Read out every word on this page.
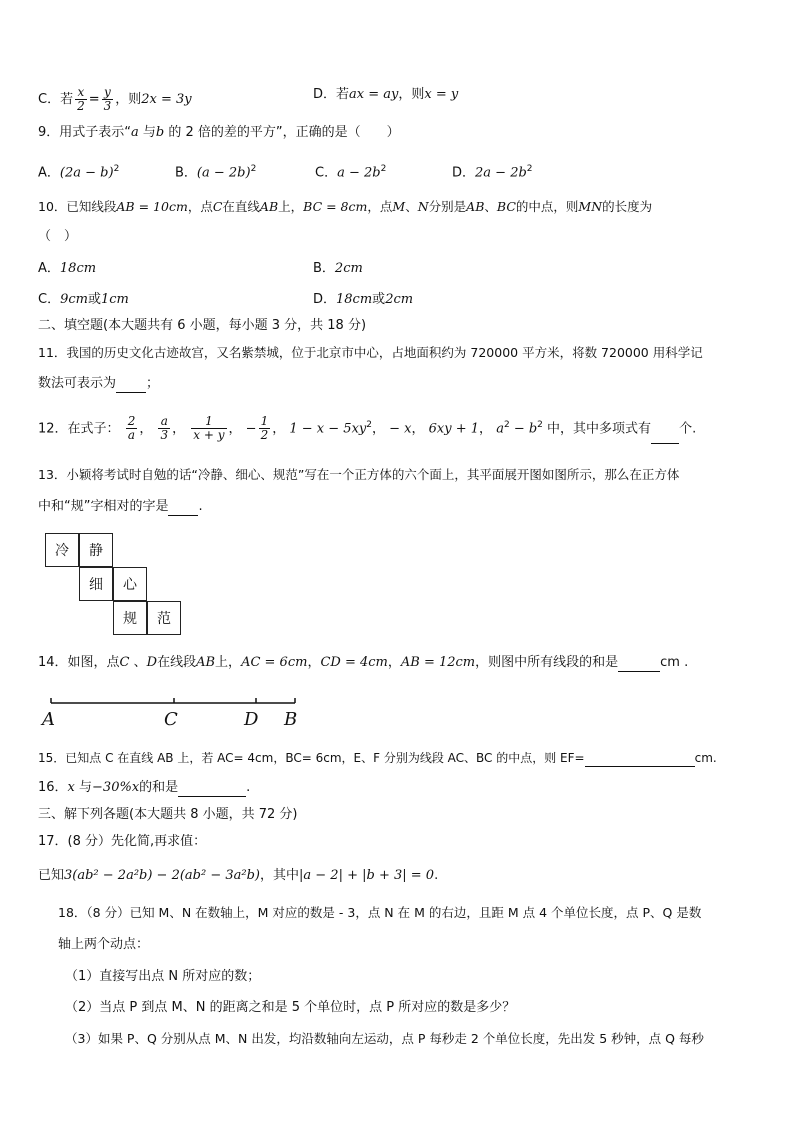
C．若 $\frac{x}{2} = \frac{y}{3}$ ，则2x = 3y	D．若ax = ay，则x = y
9．用式子表示“a 与b 的 2 倍的差的平方”，正确的是（　　）
A．$(2a - b)^2$	B．$(a - 2b)^2$	C．$a - 2b^2$	D．$2a - 2b^2$
10．已知线段AB = 10cm，点C在直线AB上，BC = 8cm，点M、N分别是AB、BC的中点，则MN的长度为
（　）
A．18cm	B．2cm
C．9cm或1cm	D．18cm或2cm
二、填空题(本大题共有 6 小题，每小题 3 分，共 18 分)
11．我国的历史文化古迹故宫，又名紫禁城，位于北京市中心，占地面积约为 720000 平方米，将数 720000 用科学记
数法可表示为 ；
12．在式子： $\frac{2}{a}$ ， $\frac{a}{3}$ ， $\frac{1}{x + y}$ ， − $\frac{1}{2}$ ， $1 - x - 5xy^2$， − x， 6xy + 1， $a^2 - b^2$ 中，其中多项式有 个.
13．小颖将考试时自勉的话“冷静、细心、规范”写在一个正方体的六个面上，其平面展开图如图所示，那么在正方体
中和“规”字相对的字是 .
冷	静
细	心
规	范
14．如图，点C 、D在线段AB上，AC = 6cm，CD = 4cm，AB = 12cm，则图中所有线段的和是	cm .
A	C	D B
15．已知点 C 在直线 AB 上，若 AC= 4cm，BC= 6cm，E、F 分别为线段 AC、BC 的中点，则 EF=	cm.
16．x 与−30%x的和是	.
三、解下列各题(本大题共 8 小题，共 72 分)
17．(8 分）先化简,再求值：
已知3(ab² − 2a²b) − 2(ab² − 3a²b)，其中|a − 2| + |b + 3| = 0.
18．（8 分）已知 M、N 在数轴上，M 对应的数是 - 3，点 N 在 M 的右边，且距 M 点 4 个单位长度，点 P、Q 是数
轴上两个动点：
（1）直接写出点 N 所对应的数；
（2）当点 P 到点 M、N 的距离之和是 5 个单位时，点 P 所对应的数是多少？
（3）如果 P、Q 分别从点 M、N 出发，均沿数轴向左运动，点 P 每秒走 2 个单位长度，先出发 5 秒钟，点 Q 每秒
